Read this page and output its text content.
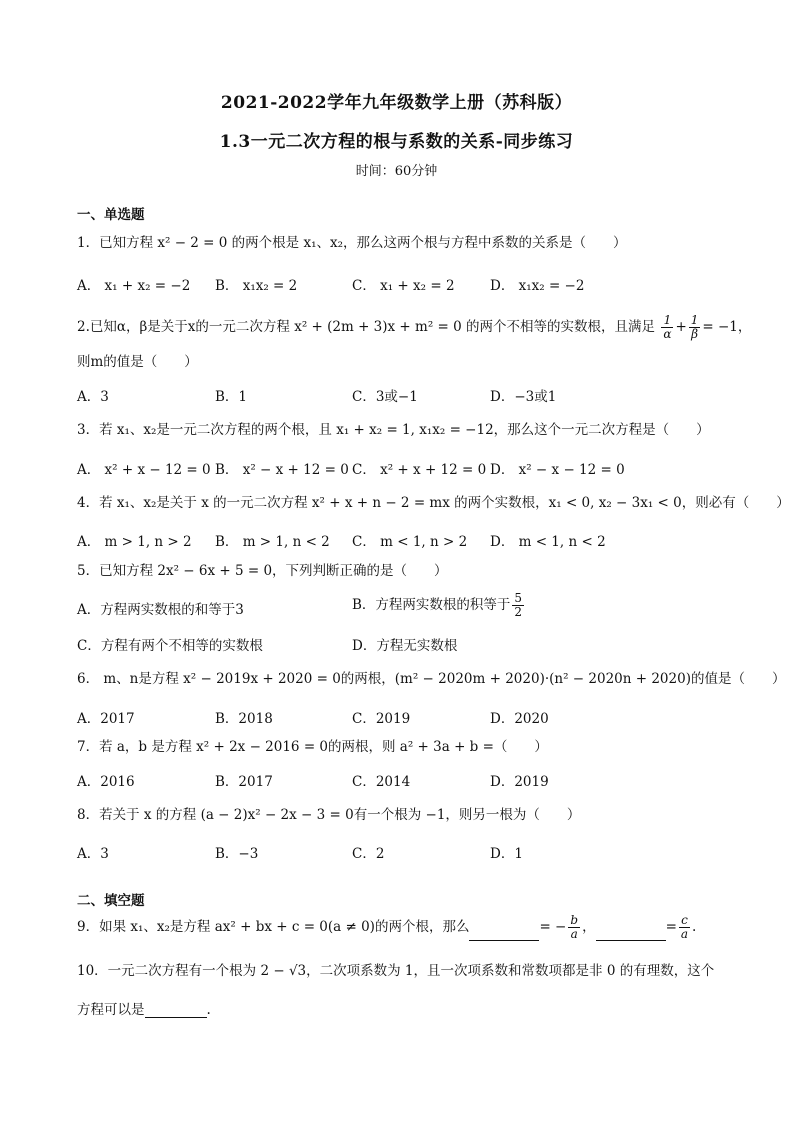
2021-2022学年九年级数学上册（苏科版）
1.3一元二次方程的根与系数的关系-同步练习
时间：60分钟
一、单选题
1．已知方程 x² − 2 = 0 的两个根是 x₁、x₂，那么这两个根与方程中系数的关系是（　　）
A． x₁ + x₂ = −2 B． x₁x₂ = 2	C． x₁ + x₂ = 2	D． x₁x₂ = −2
2.已知α，β是关于x的一元二次方程 x² + (2m + 3)x + m² = 0 的两个不相等的实数根，且满足 $\frac{1}{\alpha} + \frac{1}{\beta} = -1$，
则m的值是（　　）
A．3	B．1	C．3或−1	D．−3或1
3．若 x₁、x₂是一元二次方程的两个根，且 x₁ + x₂ = 1, x₁x₂ = −12，那么这个一元二次方程是（　　）
A． x² + x − 12 = 0 B． x² − x + 12 = 0 C． x² + x + 12 = 0 D． x² − x − 12 = 0
4．若 x₁、x₂是关于 x 的一元二次方程 x² + x + n − 2 = mx 的两个实数根，x₁ < 0, x₂ − 3x₁ < 0，则必有（　　）
A． m > 1, n > 2 B． m > 1, n < 2 C． m < 1, n > 2 D． m < 1, n < 2
5．已知方程 2x² − 6x + 5 = 0，下列判断正确的是（　　）
A．方程两实数根的和等于3	B．方程两实数根的积等于 $\frac{5}{2}$
C．方程有两个不相等的实数根	D．方程无实数根
6． m、n是方程 x² − 2019x + 2020 = 0的两根，(m² − 2020m + 2020)·(n² − 2020n + 2020)的值是（　　）
A．2017	B．2018	C．2019	D．2020
7．若 a，b 是方程 x² + 2x − 2016 = 0的两根，则 a² + 3a + b =（　　）
A．2016	B．2017	C．2014	D．2019
8．若关于 x 的方程 (a − 2)x² − 2x − 3 = 0有一个根为 −1，则另一根为（　　）
A．3	B．−3	C．2	D．1
二、填空题
9．如果 x₁、x₂是方程 ax² + bx + c = 0(a ≠ 0)的两个根，那么	= − $\frac{b}{a}$ ，	= $\frac{c}{a}$ .
10．一元二次方程有一个根为 2 − √3，二次项系数为 1，且一次项系数和常数项都是非 0 的有理数，这个
方程可以是	.
